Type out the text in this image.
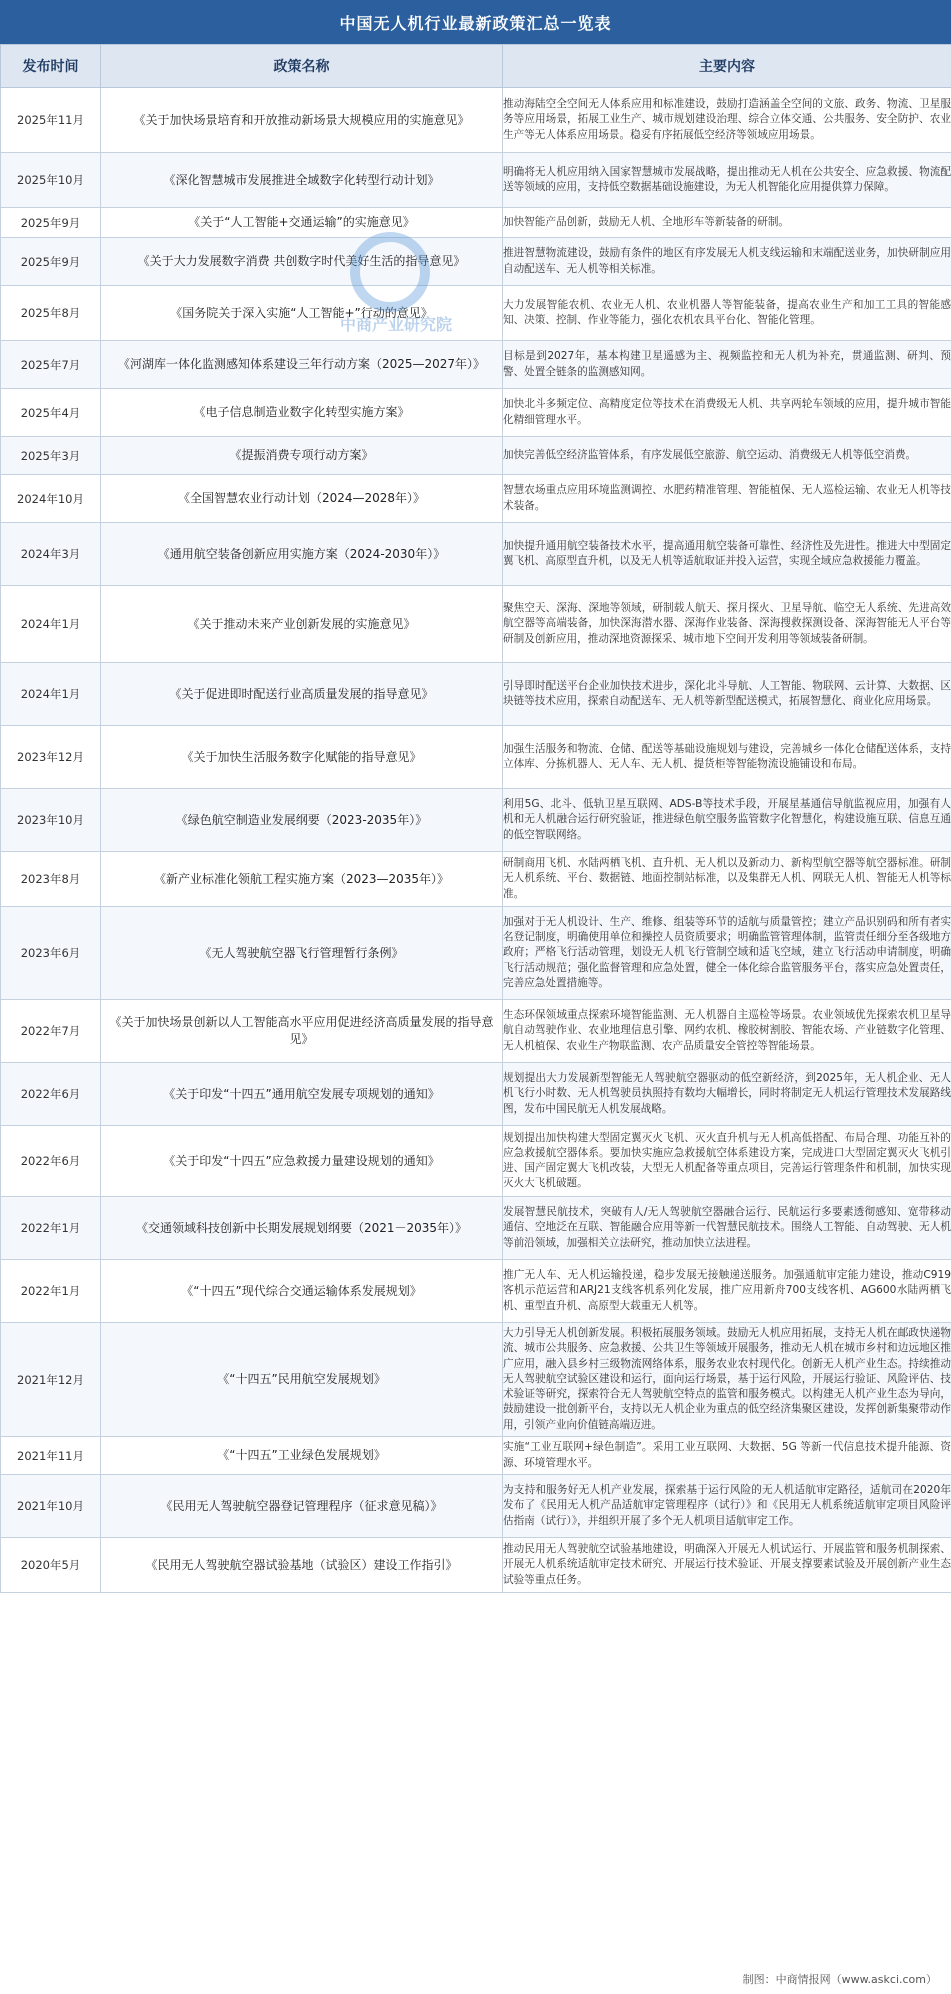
中国无人机行业最新政策汇总一览表
发布时间	政策名称	主要内容
2025年11月	《关于加快场景培育和开放推动新场景大规模应用的实施意见》	推动海陆空全空间无人体系应用和标准建设，鼓励打造涵盖全空间的文旅、政务、物流、卫星服务等应用场景，拓展工业生产、城市规划建设治理、综合立体交通、公共服务、安全防护、农业生产等无人体系应用场景。稳妥有序拓展低空经济等领域应用场景。
2025年10月	《深化智慧城市发展推进全域数字化转型行动计划》	明确将无人机应用纳入国家智慧城市发展战略，提出推动无人机在公共安全、应急救援、物流配送等领域的应用，支持低空数据基础设施建设，为无人机智能化应用提供算力保障。
2025年9月	《关于“人工智能+交通运输”的实施意见》	加快智能产品创新，鼓励无人机、全地形车等新装备的研制。
2025年9月	《关于大力发展数字消费 共创数字时代美好生活的指导意见》	推进智慧物流建设，鼓励有条件的地区有序发展无人机支线运输和末端配送业务，加快研制应用自动配送车、无人机等相关标准。
2025年8月	《国务院关于深入实施“人工智能+”行动的意见》	大力发展智能农机、农业无人机、农业机器人等智能装备，提高农业生产和加工工具的智能感知、决策、控制、作业等能力，强化农机农具平台化、智能化管理。
2025年7月	《河湖库一体化监测感知体系建设三年行动方案（2025—2027年）》	目标是到2027年，基本构建卫星遥感为主、视频监控和无人机为补充，贯通监测、研判、预警、处置全链条的监测感知网。
2025年4月	《电子信息制造业数字化转型实施方案》	加快北斗多频定位、高精度定位等技术在消费级无人机、共享两轮车领域的应用，提升城市智能化精细管理水平。
2025年3月	《提振消费专项行动方案》	加快完善低空经济监管体系，有序发展低空旅游、航空运动、消费级无人机等低空消费。
2024年10月	《全国智慧农业行动计划（2024—2028年）》	智慧农场重点应用环境监测调控、水肥药精准管理、智能植保、无人巡检运输、农业无人机等技术装备。
2024年3月	《通用航空装备创新应用实施方案（2024-2030年）》	加快提升通用航空装备技术水平，提高通用航空装备可靠性、经济性及先进性。推进大中型固定翼飞机、高原型直升机，以及无人机等适航取证并投入运营，实现全域应急救援能力覆盖。
2024年1月	《关于推动未来产业创新发展的实施意见》	聚焦空天、深海、深地等领域，研制载人航天、探月探火、卫星导航、临空无人系统、先进高效航空器等高端装备，加快深海潜水器、深海作业装备、深海搜救探测设备、深海智能无人平台等研制及创新应用，推动深地资源探采、城市地下空间开发利用等领域装备研制。
2024年1月	《关于促进即时配送行业高质量发展的指导意见》	引导即时配送平台企业加快技术进步，深化北斗导航、人工智能、物联网、云计算、大数据、区块链等技术应用，探索自动配送车、无人机等新型配送模式，拓展智慧化、商业化应用场景。
2023年12月	《关于加快生活服务数字化赋能的指导意见》	加强生活服务和物流、仓储、配送等基础设施规划与建设，完善城乡一体化仓储配送体系，支持立体库、分拣机器人、无人车、无人机、提货柜等智能物流设施铺设和布局。
2023年10月	《绿色航空制造业发展纲要（2023-2035年）》	利用5G、北斗、低轨卫星互联网、ADS-B等技术手段，开展星基通信导航监视应用，加强有人机和无人机融合运行研究验证，推进绿色航空服务监管数字化智慧化，构建设施互联、信息互通的低空智联网络。
2023年8月	《新产业标准化领航工程实施方案（2023—2035年）》	研制商用飞机、水陆两栖飞机、直升机、无人机以及新动力、新构型航空器等航空器标准。研制无人机系统、平台、数据链、地面控制站标准，以及集群无人机、网联无人机、智能无人机等标准。
2023年6月	《无人驾驶航空器飞行管理暂行条例》	加强对于无人机设计、生产、维修、组装等环节的适航与质量管控；建立产品识别码和所有者实名登记制度，明确使用单位和操控人员资质要求；明确监管管理体制，监管责任细分至各级地方政府；严格飞行活动管理，划设无人机飞行管制空域和适飞空域，建立飞行活动申请制度，明确飞行活动规范；强化监督管理和应急处置，健全一体化综合监管服务平台，落实应急处置责任，完善应急处置措施等。
2022年7月	《关于加快场景创新以人工智能高水平应用促进经济高质量发展的指导意见》	生态环保领域重点探索环境智能监测、无人机器自主巡检等场景。农业领域优先探索农机卫星导航自动驾驶作业、农业地理信息引擎、网约农机、橡胶树割胶、智能农场、产业链数字化管理、无人机植保、农业生产物联监测、农产品质量安全管控等智能场景。
2022年6月	《关于印发“十四五”通用航空发展专项规划的通知》	规划提出大力发展新型智能无人驾驶航空器驱动的低空新经济，到2025年，无人机企业、无人机飞行小时数、无人机驾驶员执照持有数均大幅增长，同时将制定无人机运行管理技术发展路线图，发布中国民航无人机发展战略。
2022年6月	《关于印发“十四五”应急救援力量建设规划的通知》	规划提出加快构建大型固定翼灭火飞机、灭火直升机与无人机高低搭配、布局合理、功能互补的应急救援航空器体系。要加快实施应急救援航空体系建设方案，完成进口大型固定翼灭火飞机引进、国产固定翼大飞机改装，大型无人机配备等重点项目，完善运行管理条件和机制，加快实现灭火大飞机破题。
2022年1月	《交通领域科技创新中长期发展规划纲要（2021－2035年）》	发展智慧民航技术，突破有人/无人驾驶航空器融合运行、民航运行多要素透彻感知、宽带移动通信、空地泛在互联、智能融合应用等新一代智慧民航技术。围绕人工智能、自动驾驶、无人机等前沿领域，加强相关立法研究，推动加快立法进程。
2022年1月	《“十四五”现代综合交通运输体系发展规划》	推广无人车、无人机运输投递，稳步发展无接触递送服务。加强通航审定能力建设，推动C919客机示范运营和ARJ21支线客机系列化发展，推广应用新舟700支线客机、AG600水陆两栖飞机、重型直升机、高原型大载重无人机等。
2021年12月	《“十四五”民用航空发展规划》	大力引导无人机创新发展。积极拓展服务领域。鼓励无人机应用拓展，支持无人机在邮政快递物流、城市公共服务、应急救援、公共卫生等领域开展服务，推动无人机在城市乡村和边远地区推广应用，融入县乡村三级物流网络体系，服务农业农村现代化。创新无人机产业生态。持续推动无人驾驶航空试验区建设和运行，面向运行场景，基于运行风险，开展运行验证、风险评估、技术验证等研究，探索符合无人驾驶航空特点的监管和服务模式。以构建无人机产业生态为导向，鼓励建设一批创新平台，支持以无人机企业为重点的低空经济集聚区建设，发挥创新集聚带动作用，引领产业向价值链高端迈进。
2021年11月	《“十四五”工业绿色发展规划》	实施“工业互联网+绿色制造”。采用工业互联网、大数据、5G 等新一代信息技术提升能源、资源、环境管理水平。
2021年10月	《民用无人驾驶航空器登记管理程序（征求意见稿）》	为支持和服务好无人机产业发展，探索基于运行风险的无人机适航审定路径，适航司在2020年发布了《民用无人机产品适航审定管理程序（试行）》和《民用无人机系统适航审定项目风险评估指南（试行）》，并组织开展了多个无人机项目适航审定工作。
2020年5月	《民用无人驾驶航空器试验基地（试验区）建设工作指引》	推动民用无人驾驶航空试验基地建设，明确深入开展无人机试运行、开展监管和服务机制探索、开展无人机系统适航审定技术研究、开展运行技术验证、开展支撑要素试验及开展创新产业生态试验等重点任务。
中商产业研究院
制图：中商情报网（www.askci.com）
